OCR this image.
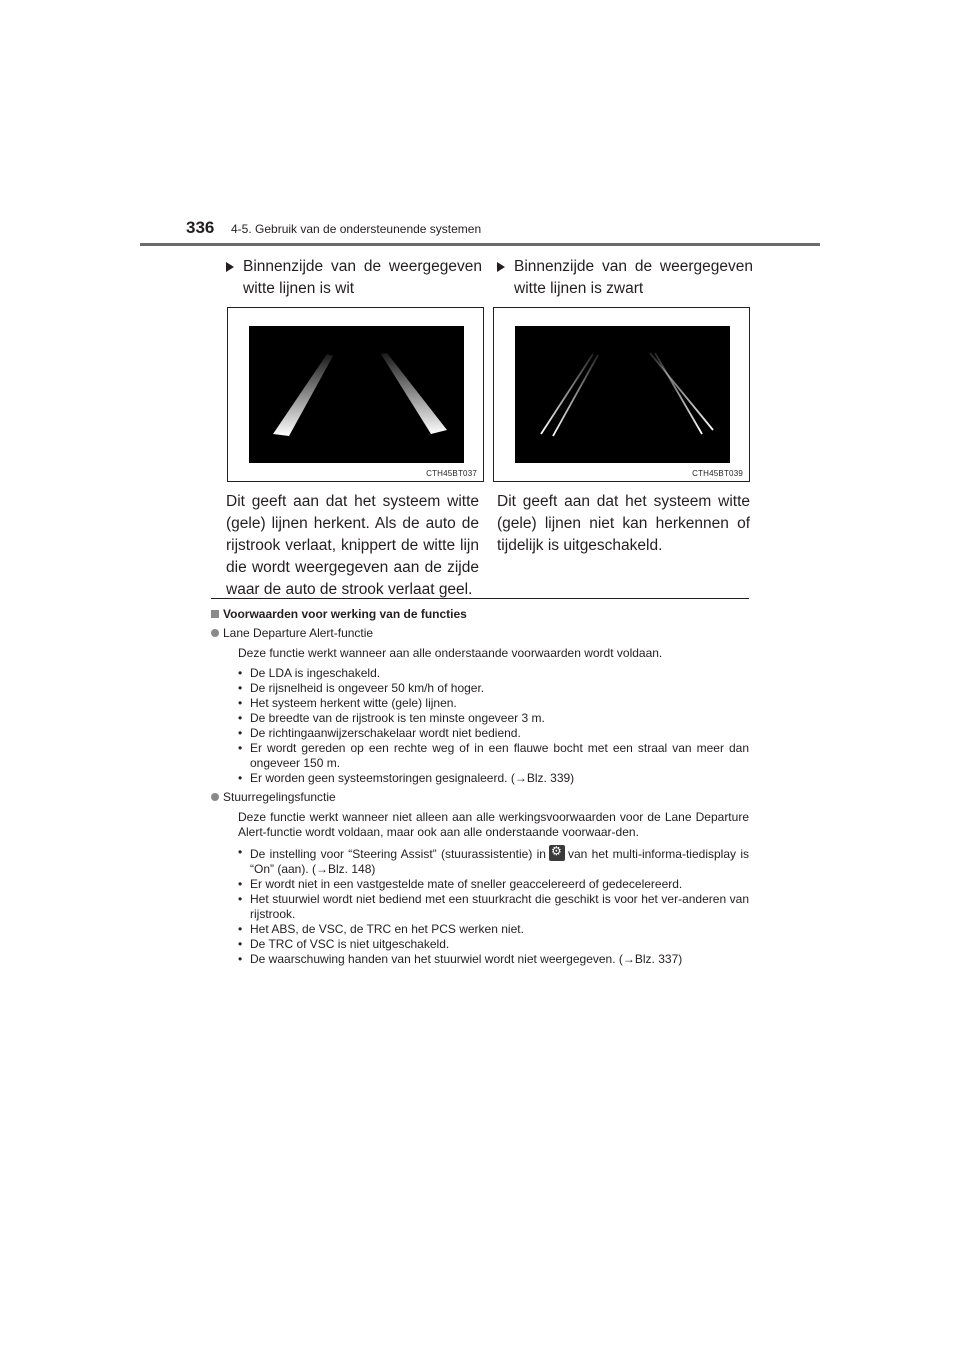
336 4-5. Gebruik van de ondersteunende systemen
Binnenzijde van de weergegeven witte lijnen is wit
CTH45BT037
Dit geeft aan dat het systeem witte (gele) lijnen herkent. Als de auto de rijstrook verlaat, knippert de witte lijn die wordt weergegeven aan de zijde waar de auto de strook verlaat geel.
Binnenzijde van de weergegeven witte lijnen is zwart
CTH45BT039
Dit geeft aan dat het systeem witte (gele) lijnen niet kan herkennen of tijdelijk is uitgeschakeld.
Voorwaarden voor werking van de functies
Lane Departure Alert-functie
Deze functie werkt wanneer aan alle onderstaande voorwaarden wordt voldaan.
• De LDA is ingeschakeld.
• De rijsnelheid is ongeveer 50 km/h of hoger.
• Het systeem herkent witte (gele) lijnen.
• De breedte van de rijstrook is ten minste ongeveer 3 m.
• De richtingaanwijzerschakelaar wordt niet bediend.
• Er wordt gereden op een rechte weg of in een flauwe bocht met een straal van meer dan ongeveer 150 m.
• Er worden geen systeemstoringen gesignaleerd. (→Blz. 339)
Stuurregelingsfunctie
Deze functie werkt wanneer niet alleen aan alle werkingsvoorwaarden voor de Lane Departure Alert-functie wordt voldaan, maar ook aan alle onderstaande voorwaar-den.
• De instelling voor “Steering Assist” (stuurassistentie) in⚙ van het multi-informa-tiedisplay is “On” (aan). (→Blz. 148)
• Er wordt niet in een vastgestelde mate of sneller geaccelereerd of gedecelereerd.
• Het stuurwiel wordt niet bediend met een stuurkracht die geschikt is voor het ver-anderen van rijstrook.
• Het ABS, de VSC, de TRC en het PCS werken niet.
• De TRC of VSC is niet uitgeschakeld.
• De waarschuwing handen van het stuurwiel wordt niet weergegeven. (→Blz. 337)
